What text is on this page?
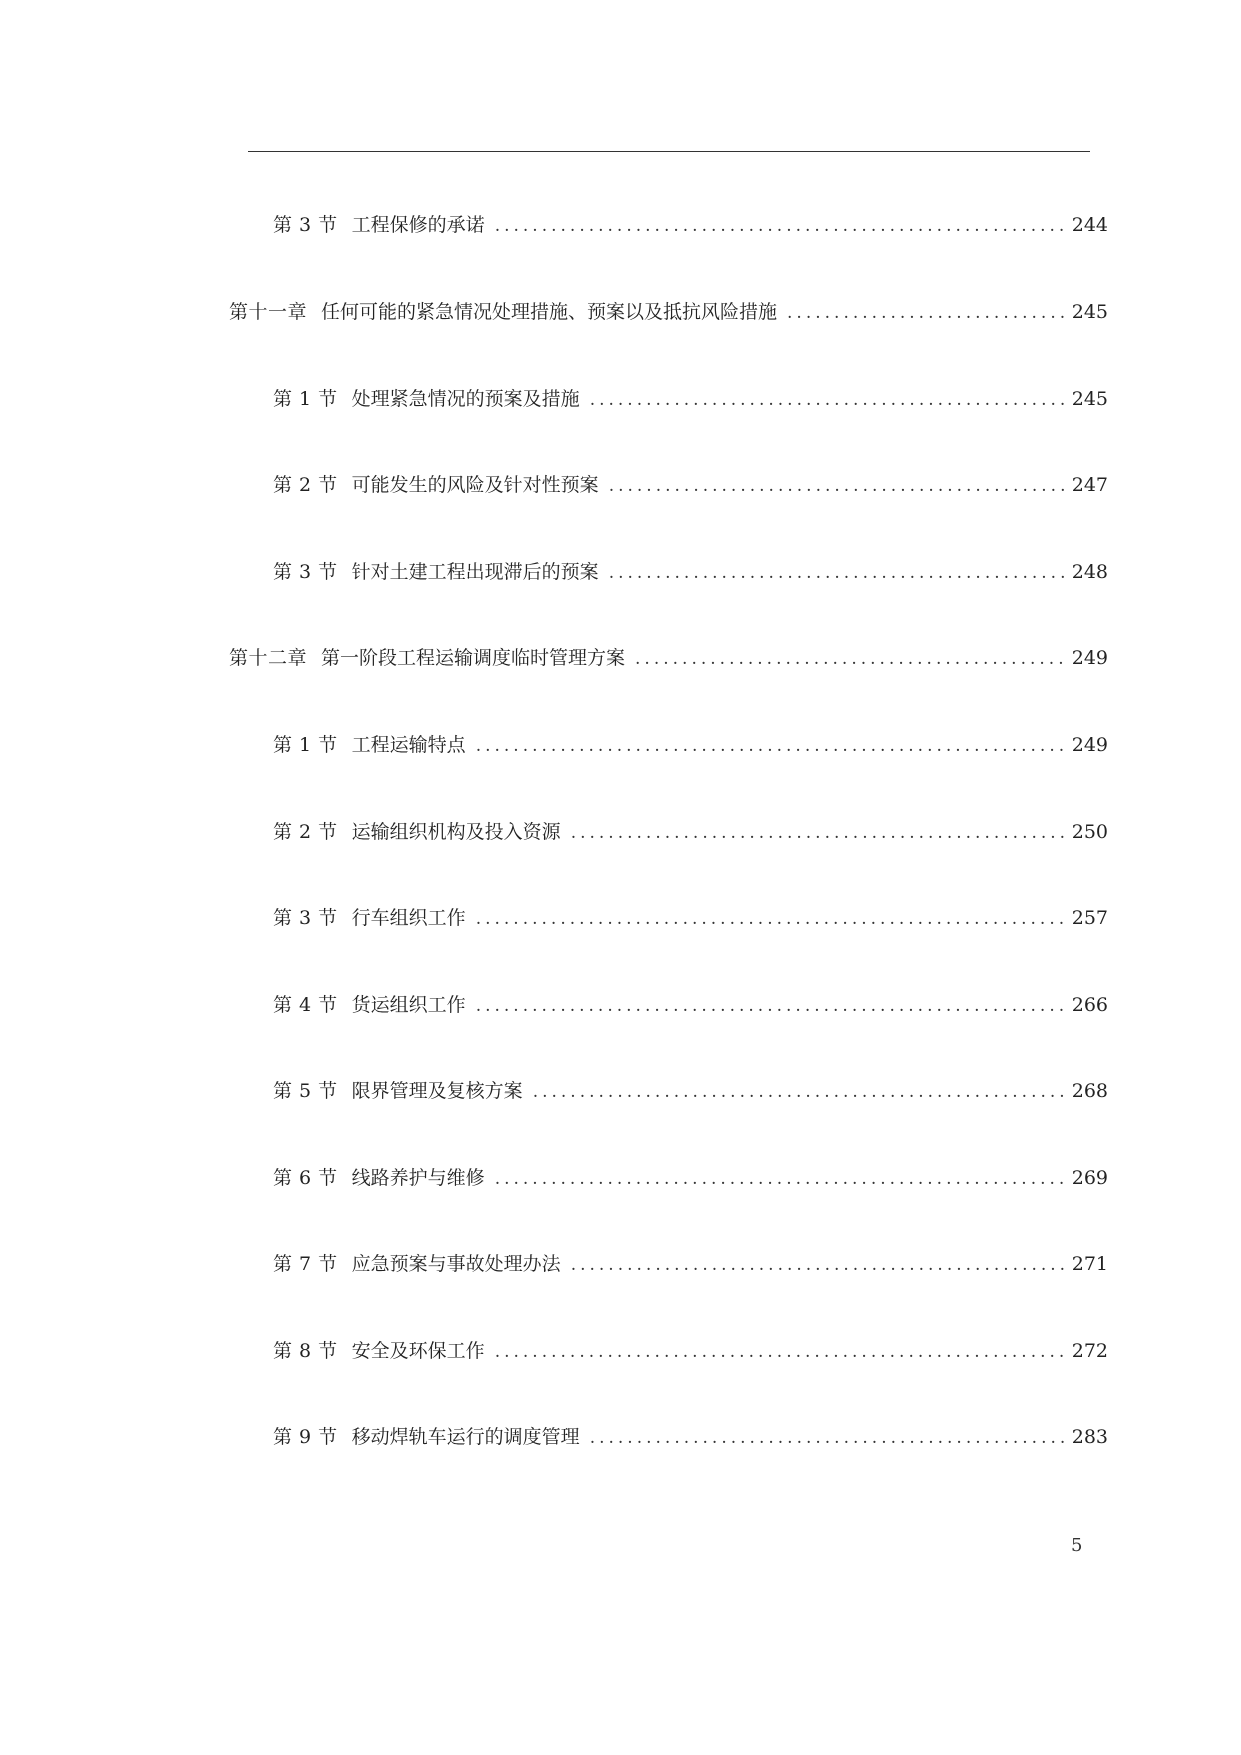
第 3 节 工程保修的承诺 .....	244
第十一章 任何可能的紧急情况处理措施、预案以及抵抗风险措施 .....	245
第 1 节 处理紧急情况的预案及措施 .....	245
第 2 节 可能发生的风险及针对性预案 .....	247
第 3 节 针对土建工程出现滞后的预案 .....	248
第十二章 第一阶段工程运输调度临时管理方案 .....	249
第 1 节 工程运输特点 .....	249
第 2 节 运输组织机构及投入资源 .....	250
第 3 节 行车组织工作 .....	257
第 4 节 货运组织工作 .....	266
第 5 节 限界管理及复核方案 .....	268
第 6 节 线路养护与维修 .....	269
第 7 节 应急预案与事故处理办法 .....	271
第 8 节 安全及环保工作 .....	272
第 9 节 移动焊轨车运行的调度管理 .....	283
5
